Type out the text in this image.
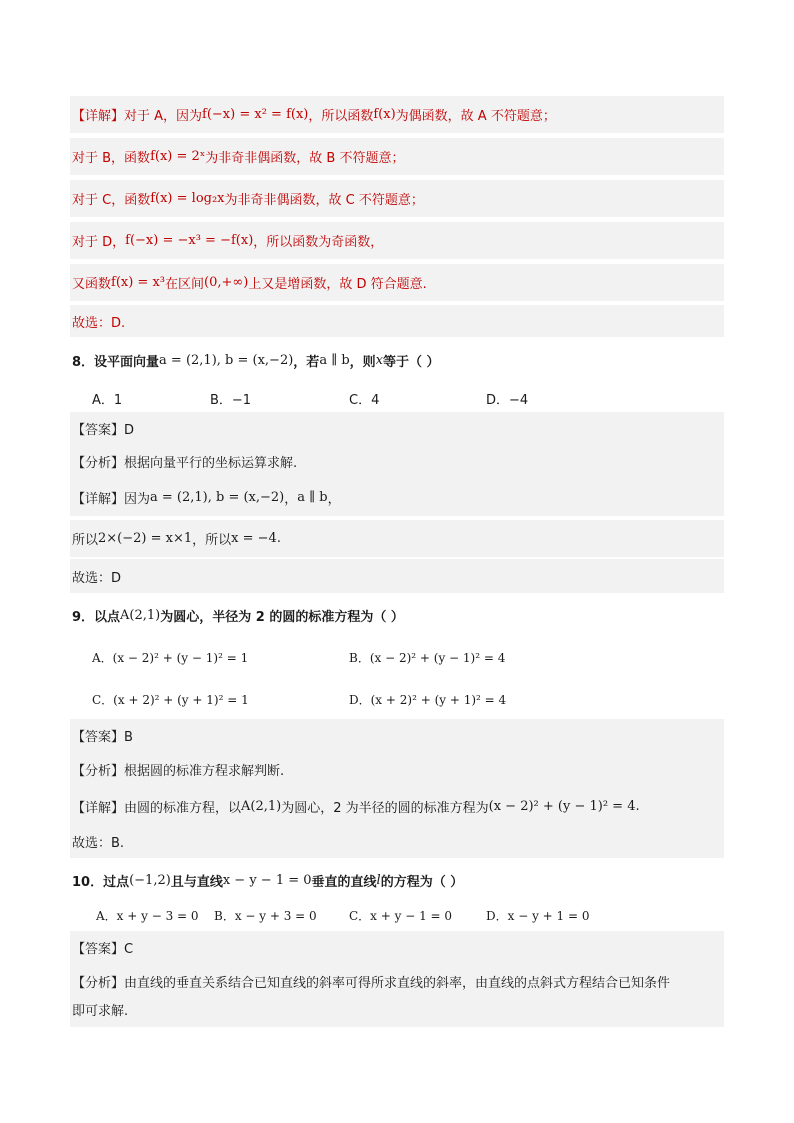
【详解】对于 A，因为 f(−x) = x² = f(x) ，所以函数 f(x) 为偶函数，故 A 不符题意；
对于 B，函数 f(x) = 2ˣ 为非奇非偶函数，故 B 不符题意；
对于 C，函数 f(x) = log₂x 为非奇非偶函数，故 C 不符题意；
对于 D， f(−x) = −x³ = −f(x) ，所以函数为奇函数，
又函数 f(x) = x³ 在区间 (0,+∞) 上又是增函数，故 D 符合题意.
故选：D.
8．设平面向量 a = (2,1), b = (x,−2) ，若 a ∥ b ，则 x 等于（ ）
A．1	B．−1	C．4	D．−4
【答案】D
【分析】根据向量平行的坐标运算求解.
【详解】因为 a = (2,1), b = (x,−2) ， a ∥ b ，
所以 2×(−2) = x×1 ，所以 x = −4 .
故选：D
9．以点 A(2,1) 为圆心，半径为 2 的圆的标准方程为（ ）
A．(x − 2)² + (y − 1)² = 1	B．(x − 2)² + (y − 1)² = 4
C．(x + 2)² + (y + 1)² = 1	D．(x + 2)² + (y + 1)² = 4
【答案】B
【分析】根据圆的标准方程求解判断.
【详解】由圆的标准方程，以 A(2,1) 为圆心，2 为半径的圆的标准方程为 (x − 2)² + (y − 1)² = 4 .
故选：B.
10．过点 (−1,2) 且与直线 x − y − 1 = 0 垂直的直线 l 的方程为（ ）
A．x + y − 3 = 0 B．x − y + 3 = 0	C．x + y − 1 = 0	D．x − y + 1 = 0
【答案】C
【分析】由直线的垂直关系结合已知直线的斜率可得所求直线的斜率，由直线的点斜式方程结合已知条件
即可求解.
